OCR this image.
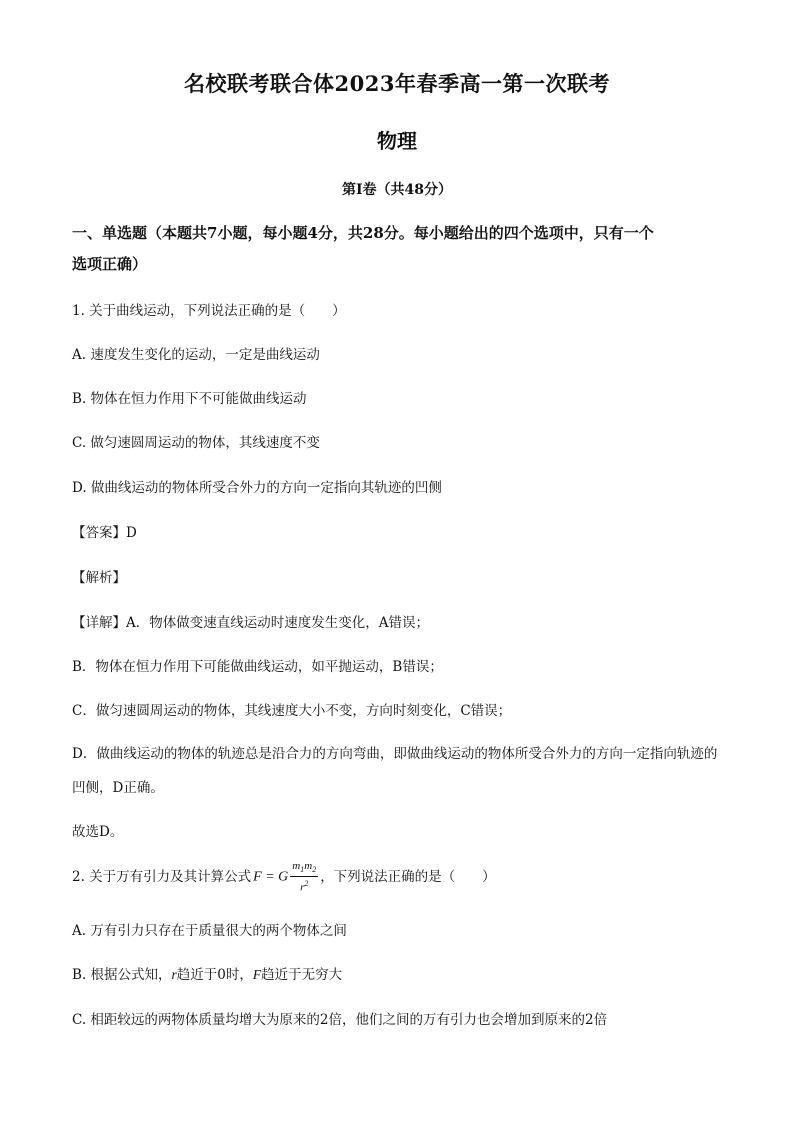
名校联考联合体2023年春季高一第一次联考
物理
第Ⅰ卷（共48分）
一、单选题（本题共7小题，每小题4分，共28分。每小题给出的四个选项中，只有一个
选项正确）
1. 关于曲线运动，下列说法正确的是（　　）
A. 速度发生变化的运动，一定是曲线运动
B. 物体在恒力作用下不可能做曲线运动
C. 做匀速圆周运动的物体，其线速度不变
D. 做曲线运动的物体所受合外力的方向一定指向其轨迹的凹侧
【答案】D
【解析】
【详解】A．物体做变速直线运动时速度发生变化，A错误；
B．物体在恒力作用下可能做曲线运动，如平抛运动，B错误；
C．做匀速圆周运动的物体，其线速度大小不变，方向时刻变化，C错误；
D．做曲线运动的物体的轨迹总是沿合力的方向弯曲，即做曲线运动的物体所受合外力的方向一定指向轨迹的凹侧，D正确。
故选D。
2. 关于万有引力及其计算公式 F = G $\frac{m_1m_2}{r^2}$ ，下列说法正确的是（　　）
A. 万有引力只存在于质量很大的两个物体之间
B. 根据公式知，r趋近于0时，F趋近于无穷大
C. 相距较远的两物体质量均增大为原来的2倍，他们之间的万有引力也会增加到原来的2倍
